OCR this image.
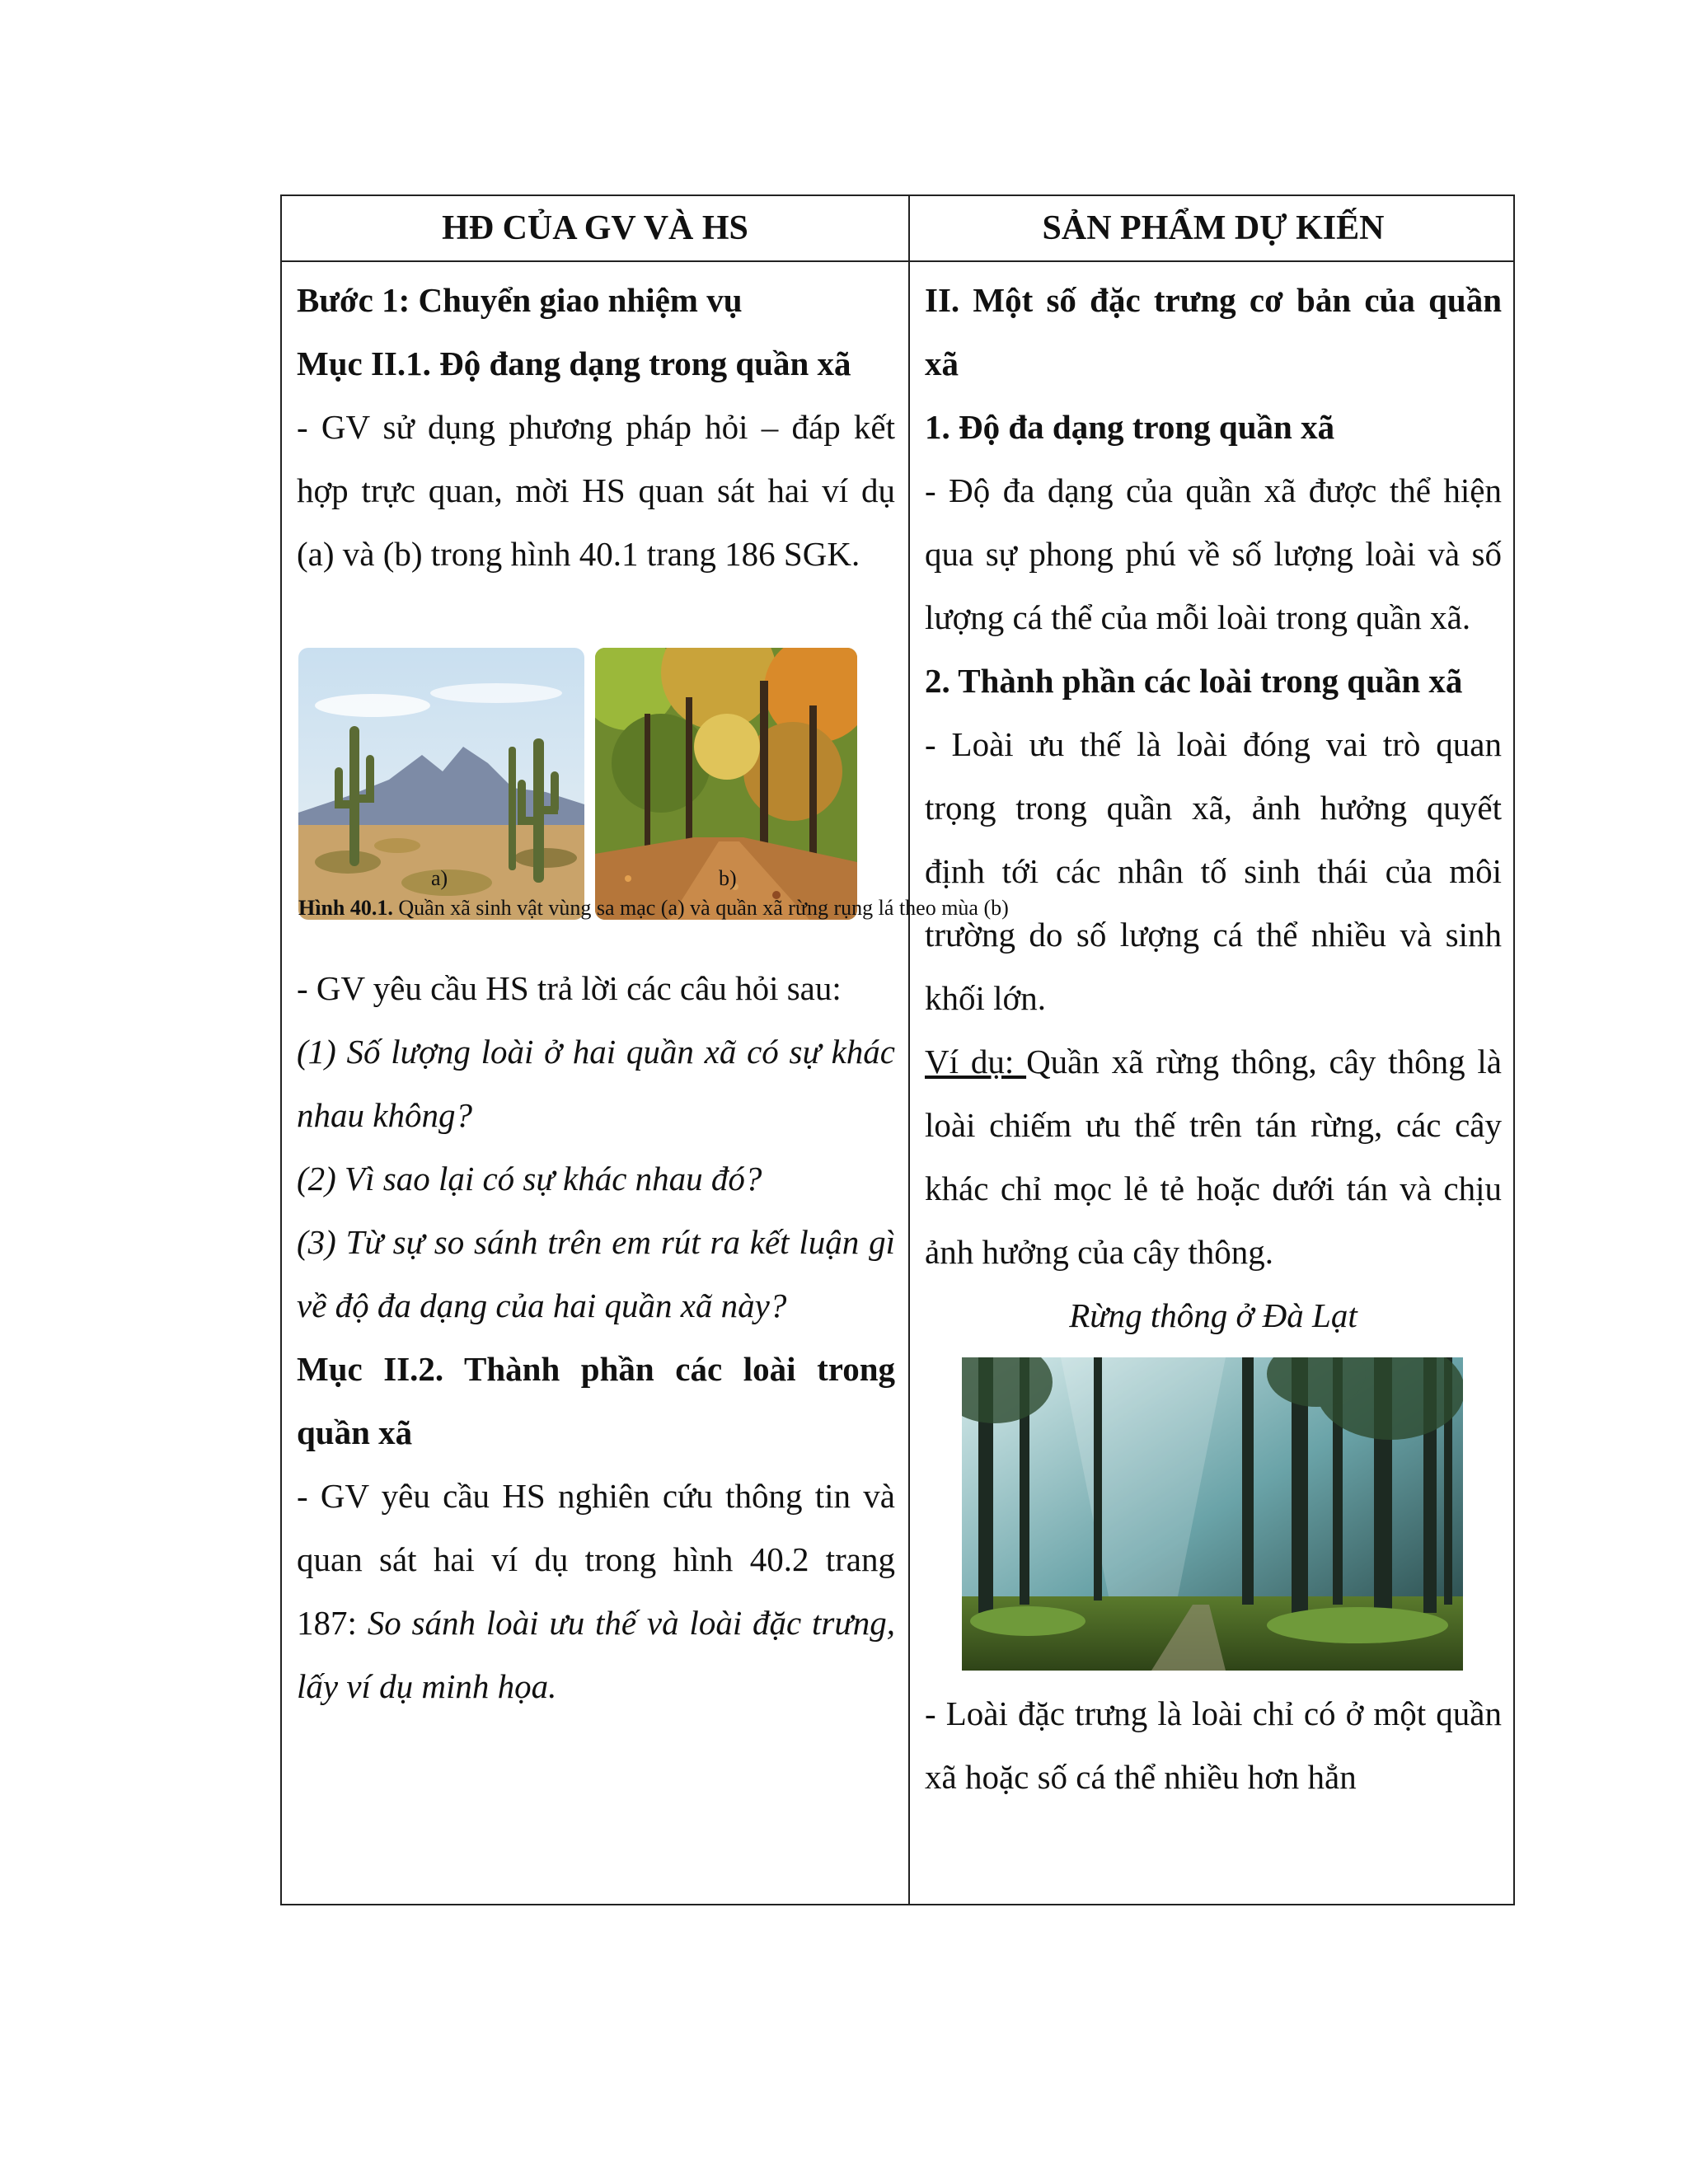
HĐ CỦA GV VÀ HS	SẢN PHẨM DỰ KIẾN

Bước 1: Chuyển giao nhiệm vụ

Mục II.1. Độ đang dạng trong quần xã

- GV sử dụng phương pháp hỏi – đáp kết hợp trực quan, mời HS quan sát hai ví dụ (a) và (b) trong hình 40.1 trang 186 SGK.

a)	b)
Hình 40.1. Quần xã sinh vật vùng sa mạc (a) và quần xã rừng rụng lá theo mùa (b)

- GV yêu cầu HS trả lời các câu hỏi sau:

(1) Số lượng loài ở hai quần xã có sự khác nhau không?

(2) Vì sao lại có sự khác nhau đó?

(3) Từ sự so sánh trên em rút ra kết luận gì về độ đa dạng của hai quần xã này?

Mục II.2. Thành phần các loài trong quần xã

- GV yêu cầu HS nghiên cứu thông tin và quan sát hai ví dụ trong hình 40.2 trang 187: So sánh loài ưu thế và loài đặc trưng, lấy ví dụ minh họa.

II. Một số đặc trưng cơ bản của quần xã

1. Độ đa dạng trong quần xã

- Độ đa dạng của quần xã được thể hiện qua sự phong phú về số lượng loài và số lượng cá thể của mỗi loài trong quần xã.

2. Thành phần các loài trong quần xã

- Loài ưu thế là loài đóng vai trò quan trọng trong quần xã, ảnh hưởng quyết định tới các nhân tố sinh thái của môi trường do số lượng cá thể nhiều và sinh khối lớn.

Ví dụ: Quần xã rừng thông, cây thông là loài chiếm ưu thế trên tán rừng, các cây khác chỉ mọc lẻ tẻ hoặc dưới tán và chịu ảnh hưởng của cây thông.

Rừng thông ở Đà Lạt

- Loài đặc trưng là loài chỉ có ở một quần xã hoặc số cá thể nhiều hơn hẳn
